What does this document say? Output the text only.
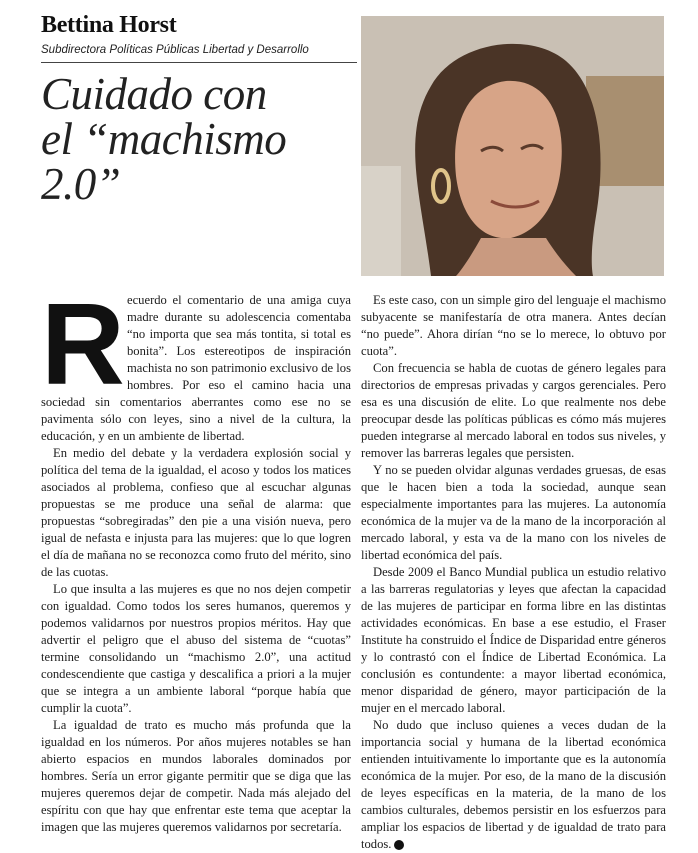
Bettina Horst
Subdirectora Políticas Públicas Libertad y Desarrollo
Cuidado con
el “machismo
2.0”

Recuerdo el comentario de una amiga cuya madre durante su adolescencia comentaba “no importa que sea más tontita, si total es bonita”. Los estereotipos de inspiración machista no son patrimonio exclusivo de los hombres. Por eso el camino hacia una sociedad sin comentarios aberrantes como ese no se pavimenta sólo con leyes, sino a nivel de la cultura, la educación, y en un ambiente de libertad.

En medio del debate y la verdadera explosión social y política del tema de la igualdad, el acoso y todos los matices asociados al problema, confieso que al escuchar algunas propuestas se me produce una señal de alarma: que propuestas “sobregiradas” den pie a una visión nueva, pero igual de nefasta e injusta para las mujeres: que lo que logren el día de mañana no se reconozca como fruto del mérito, sino de las cuotas.

Lo que insulta a las mujeres es que no nos dejen competir con igualdad. Como todos los seres humanos, queremos y podemos validarnos por nuestros propios méritos. Hay que advertir el peligro que el abuso del sistema de “cuotas” termine consolidando un “machismo 2.0”, una actitud condescendiente que castiga y descalifica a priori a la mujer que se integra a un ambiente laboral “porque había que cumplir la cuota”.

La igualdad de trato es mucho más profunda que la igualdad en los números. Por años mujeres notables se han abierto espacios en mundos laborales dominados por hombres. Sería un error gigante permitir que se diga que las mujeres queremos dejar de competir. Nada más alejado del espíritu con que hay que enfrentar este tema que aceptar la imagen que las mujeres queremos validarnos por secretaría.

Es este caso, con un simple giro del lenguaje el machismo subyacente se manifestaría de otra manera. Antes decían “no puede”. Ahora dirían “no se lo merece, lo obtuvo por cuota”.

Con frecuencia se habla de cuotas de género legales para directorios de empresas privadas y cargos gerenciales. Pero esa es una discusión de elite. Lo que realmente nos debe preocupar desde las políticas públicas es cómo más mujeres pueden integrarse al mercado laboral en todos sus niveles, y remover las barreras legales que persisten.

Y no se pueden olvidar algunas verdades gruesas, de esas que le hacen bien a toda la sociedad, aunque sean especialmente importantes para las mujeres. La autonomía económica de la mujer va de la mano de la incorporación al mercado laboral, y esta va de la mano con los niveles de libertad económica del país.

Desde 2009 el Banco Mundial publica un estudio relativo a las barreras regulatorias y leyes que afectan la capacidad de las mujeres de participar en forma libre en las distintas actividades económicas. En base a ese estudio, el Fraser Institute ha construido el Índice de Disparidad entre géneros y lo contrastó con el Índice de Libertad Económica. La conclusión es contundente: a mayor libertad económica, menor disparidad de género, mayor participación de la mujer en el mercado laboral.

No dudo que incluso quienes a veces dudan de la importancia social y humana de la libertad económica entienden intuitivamente lo importante que es la autonomía económica de la mujer. Por eso, de la mano de la discusión de leyes específicas en la materia, de la mano de los cambios culturales, debemos persistir en los esfuerzos para ampliar los espacios de libertad y de igualdad de trato para todos. T
